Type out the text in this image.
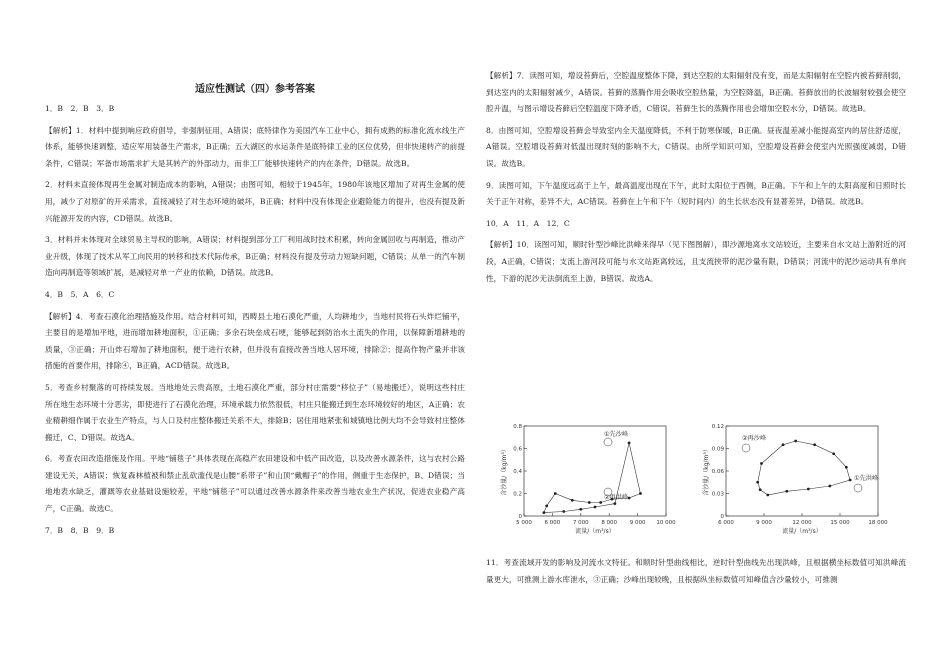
适应性测试（四）参考答案

1．B　2．B　3．B

【解析】1．材料中提到响应政府倡导，非强制征用，A错误；底特律作为美国汽车工业中心，拥有成熟的标准化流水线生产体系，能够快速调整，适应军用装备生产需求，B正确；五大湖区的水运条件是底特律工业的区位优势，但非快速转产的前提条件，C错误；军备市场需求扩大是其转产的外部动力，而非工厂能够快速转产的内在条件，D错误。故选B。

2．材料未直接体现再生金属对制造成本的影响，A错误；由图可知，相较于1945年，1980年该地区增加了对再生金属的使用，减少了对原矿的开采需求，直接减轻了对生态环境的破坏，B正确；材料中没有体现企业避险能力的提升，也没有提及新兴能源开发的内容，CD错误。故选B。

3．材料并未体现对全球贸易主导权的影响，A错误；材料提到部分工厂利用战时技术积累，转向金属回收与再制造，推动产业升级，体现了技术从军工向民用的转移和技术代际传承，B正确；材料没有提及劳动力短缺问题，C错误；从单一的汽车制造向再制造等领域扩展，是减轻对单一产业的依赖，D错误。故选B。

4．B　5．A　6．C

【解析】4．考查石漠化治理措施及作用。结合材料可知，西畴县土地石漠化严重，人均耕地少，当地村民将石头炸烂铺平，主要目的是增加平地，进而增加耕地面积，①正确；多余石块垒成石埂，能够起到防治水土流失的作用，以保障新增耕地的质量，③正确；开山炸石增加了耕地面积，便于进行农耕，但并没有直接改善当地人居环境，排除②；提高作物产量并非该措施的首要作用，排除④，B正确，ACD错误。故选B。

5．考查乡村聚落的可持续发展。当地地处云贵高原，土地石漠化严重，部分村庄需要“移位子”（易地搬迁），说明这些村庄所在地生态环境十分恶劣，即使进行了石漠化治理，环境承载力依然很低，村庄只能搬迁到生态环境较好的地区，A正确；农业精耕细作属于农业生产特点，与人口及村庄整体搬迁关系不大，排除B；居住用地紧张和城镇地比例大均不会导致村庄整体搬迁，C、D错误。故选A。

6．考查农田改造措施及作用。平地“铺毯子”具体表现在高稳产农田建设和中低产田改造，以及改善水源条件，这与农村公路建设无关，A错误；恢复森林植被和禁止乱砍滥伐是山腰“系带子”和山顶“戴帽子”的作用，侧重于生态保护，B、D错误；当地地表水缺乏，灌溉等农业基础设施较差，平地“铺毯子”可以通过改善水源条件来改善当地农业生产状况，促进农业稳产高产，C正确。故选C。

7．B　8．B　9．B

【解析】7．读图可知，增设苔藓后，空腔温度整体下降，到达空腔的太阳辐射没有变，而是太阳辐射在空腔内被苔藓削弱，到达室内的太阳辐射减少，A错误。苔藓的蒸腾作用会吸收空腔热量，为空腔降温，B正确。苔藓放出的长波辐射较强会使空腔升温，与图示增设苔藓后空腔温度下降矛盾，C错误。苔藓生长的蒸腾作用也会增加空腔水分，D错误。故选B。

8．由图可知，空腔增设苔藓会导致室内全天温度降低，不利于防寒保暖，B正确。昼夜温差减小能提高室内的居住舒适度，A错误。空腔增设苔藓对低温出现时刻的影响不大，C错误。由所学知识可知，空腔增设苔藓会使室内光照强度减弱，D错误。故选B。

9．读图可知，下午温度远高于上午，最高温度出现在下午，此时太阳位于西侧，B正确。下午和上午的太阳高度和日照时长关于正午对称，差异不大，AC错误。苔藓在上午和下午（短时间内）的生长状态没有显著差异，D错误。故选B。

10．A　11．A　12．C

【解析】10．读图可知，顺时针型沙峰比洪峰来得早（见下图图解），即沙源地离水文站较近，主要来自水文站上游附近的河段，A正确，C错误；支流上游河段可能与水文站距离较远，且支流挟带的泥沙量有限，D错误；河流中的泥沙运动具有单向性，下游的泥沙无法倒流至上游，B错误。故选A。

0
0.2
0.4
0.6
0.8
5 000 6 000 7 000 8 000 9 000 10 000
含沙量/（kg/m³）
流量/（m³/s）
①先沙峰
②再洪峰
0
0.03
0.06
0.09
0.12
6 000	9 000	12 000	15 000	18 000
含沙量/（kg/m³）
流量/（m³/s）
②再沙峰
①先洪峰

11．考查流域开发的影响及河流水文特征。和顺时针型曲线相比，逆时针型曲线先出现洪峰，且根据横坐标数值可知洪峰流量更大，可推测上游水库泄水，③正确；沙峰出现较晚，且根据纵坐标数值可知峰值含沙量较小，可推测
